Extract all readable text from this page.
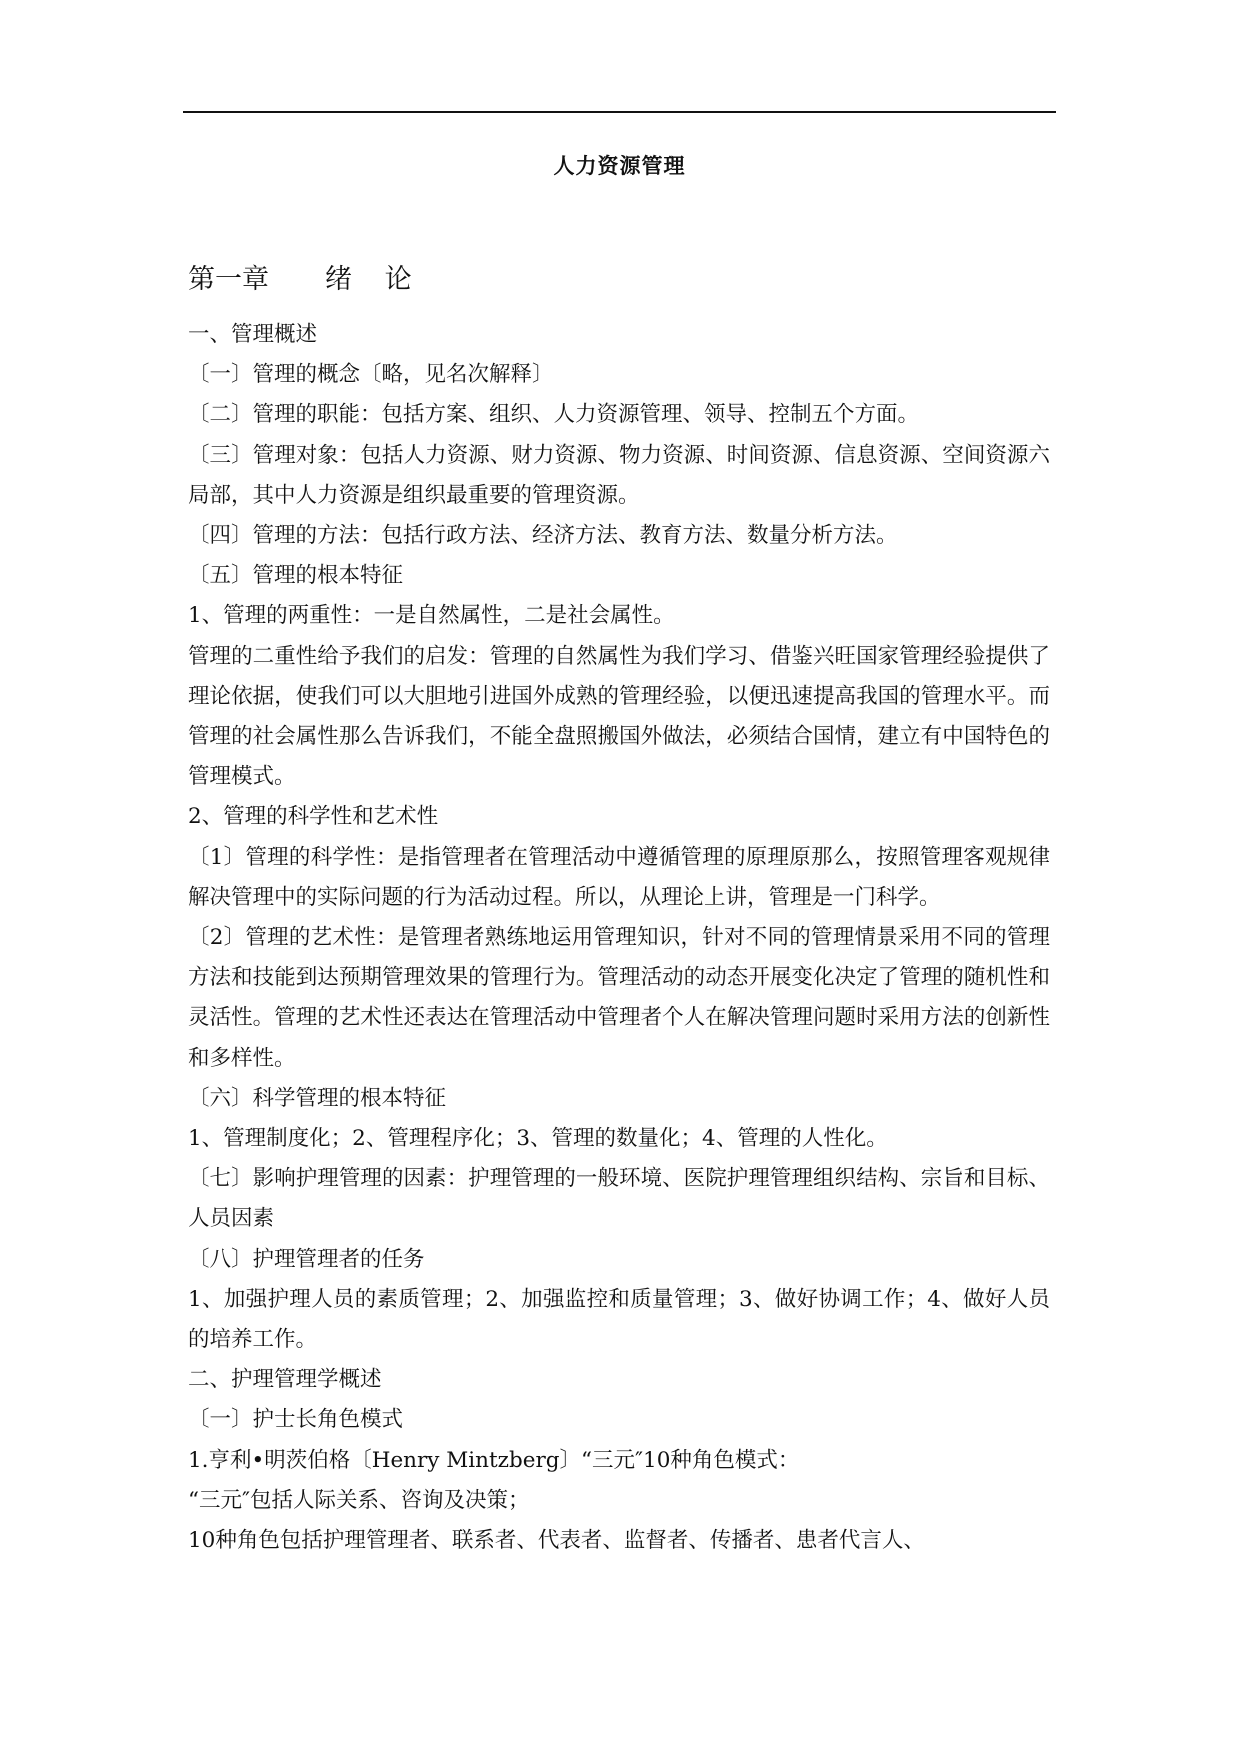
人力资源管理
第一章 绪 论

一、管理概述

〔一〕管理的概念〔略，见名次解释〕

〔二〕管理的职能：包括方案、组织、人力资源管理、领导、控制五个方面。

〔三〕管理对象：包括人力资源、财力资源、物力资源、时间资源、信息资源、空间资源六局部，其中人力资源是组织最重要的管理资源。

〔四〕管理的方法：包括行政方法、经济方法、教育方法、数量分析方法。

〔五〕管理的根本特征

1、管理的两重性：一是自然属性，二是社会属性。

管理的二重性给予我们的启发：管理的自然属性为我们学习、借鉴兴旺国家管理经验提供了理论依据，使我们可以大胆地引进国外成熟的管理经验，以便迅速提高我国的管理水平。而管理的社会属性那么告诉我们，不能全盘照搬国外做法，必须结合国情，建立有中国特色的管理模式。

2、管理的科学性和艺术性

〔1〕管理的科学性：是指管理者在管理活动中遵循管理的原理原那么，按照管理客观规律解决管理中的实际问题的行为活动过程。所以，从理论上讲，管理是一门科学。

〔2〕管理的艺术性：是管理者熟练地运用管理知识，针对不同的管理情景采用不同的管理方法和技能到达预期管理效果的管理行为。管理活动的动态开展变化决定了管理的随机性和灵活性。管理的艺术性还表达在管理活动中管理者个人在解决管理问题时采用方法的创新性和多样性。

〔六〕科学管理的根本特征

1、管理制度化；2、管理程序化；3、管理的数量化；4、管理的人性化。

〔七〕影响护理管理的因素：护理管理的一般环境、医院护理管理组织结构、宗旨和目标、人员因素

〔八〕护理管理者的任务

1、加强护理人员的素质管理；2、加强监控和质量管理；3、做好协调工作；4、做好人员的培养工作。

二、护理管理学概述

〔一〕护士长角色模式

1.亨利•明茨伯格〔Henry Mintzberg〕“三元″10种角色模式：

“三元″包括人际关系、咨询及决策；

10种角色包括护理管理者、联系者、代表者、监督者、传播者、患者代言人、
